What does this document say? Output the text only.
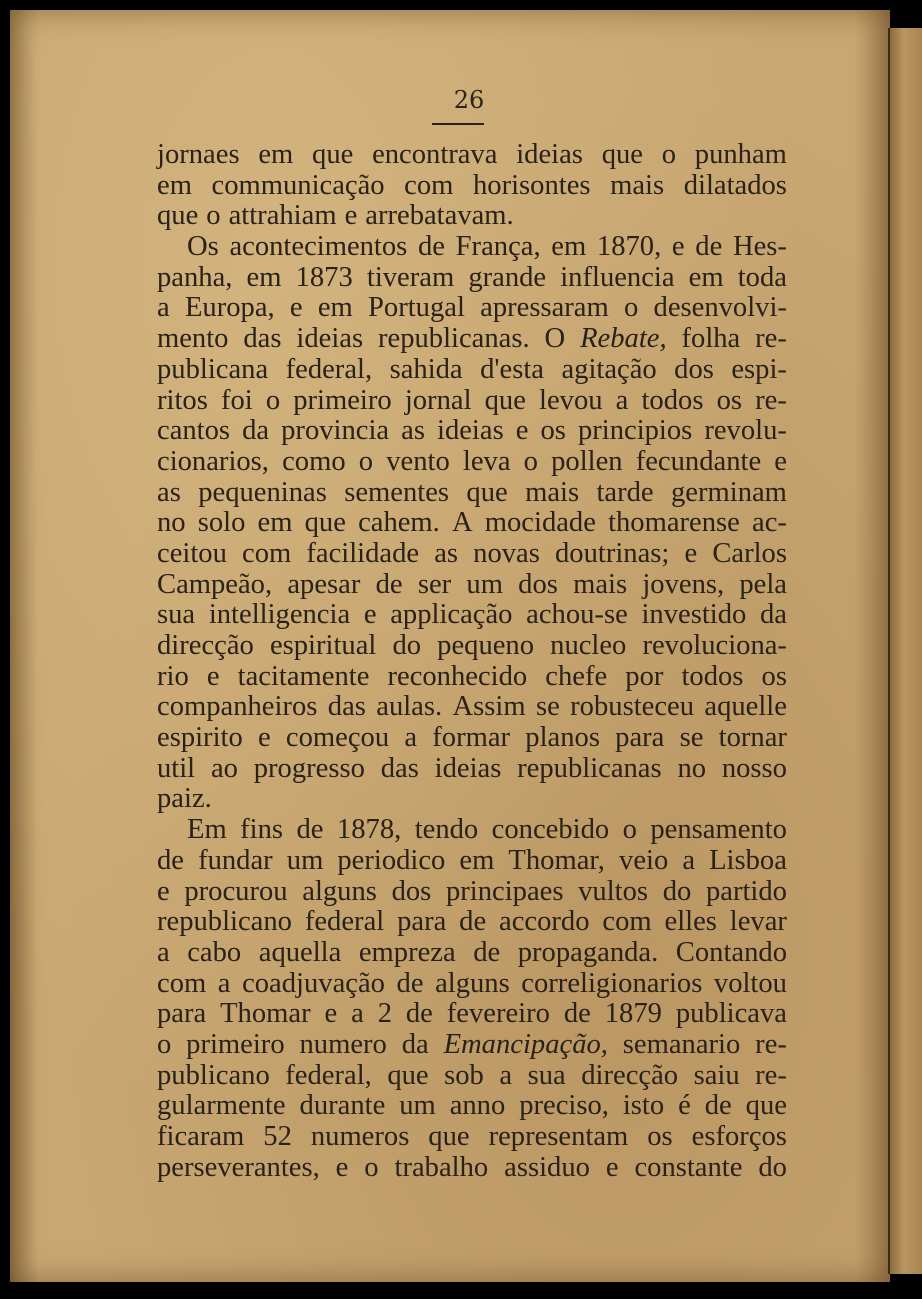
26
jornaes em que encontrava ideias que o punham
em communicação com horisontes mais dilatados
que o attrahiam e arrebatavam.
Os acontecimentos de França, em 1870, e de Hes-
panha, em 1873 tiveram grande influencia em toda
a Europa, e em Portugal apressaram o desenvolvi-
mento das ideias republicanas. O Rebate, folha re-
publicana federal, sahida d'esta agitação dos espi-
ritos foi o primeiro jornal que levou a todos os re-
cantos da provincia as ideias e os principios revolu-
cionarios, como o vento leva o pollen fecundante e
as pequeninas sementes que mais tarde germinam
no solo em que cahem. A mocidade thomarense ac-
ceitou com facilidade as novas doutrinas; e Carlos
Campeão, apesar de ser um dos mais jovens, pela
sua intelligencia e applicação achou-se investido da
direcção espiritual do pequeno nucleo revoluciona-
rio e tacitamente reconhecido chefe por todos os
companheiros das aulas. Assim se robusteceu aquelle
espirito e começou a formar planos para se tornar
util ao progresso das ideias republicanas no nosso
paiz.
Em fins de 1878, tendo concebido o pensamento
de fundar um periodico em Thomar, veio a Lisboa
e procurou alguns dos principaes vultos do partido
republicano federal para de accordo com elles levar
a cabo aquella empreza de propaganda. Contando
com a coadjuvação de alguns correligionarios voltou
para Thomar e a 2 de fevereiro de 1879 publicava
o primeiro numero da Emancipação, semanario re-
publicano federal, que sob a sua direcção saiu re-
gularmente durante um anno preciso, isto é de que
ficaram 52 numeros que representam os esforços
perseverantes, e o trabalho assiduo e constante do
